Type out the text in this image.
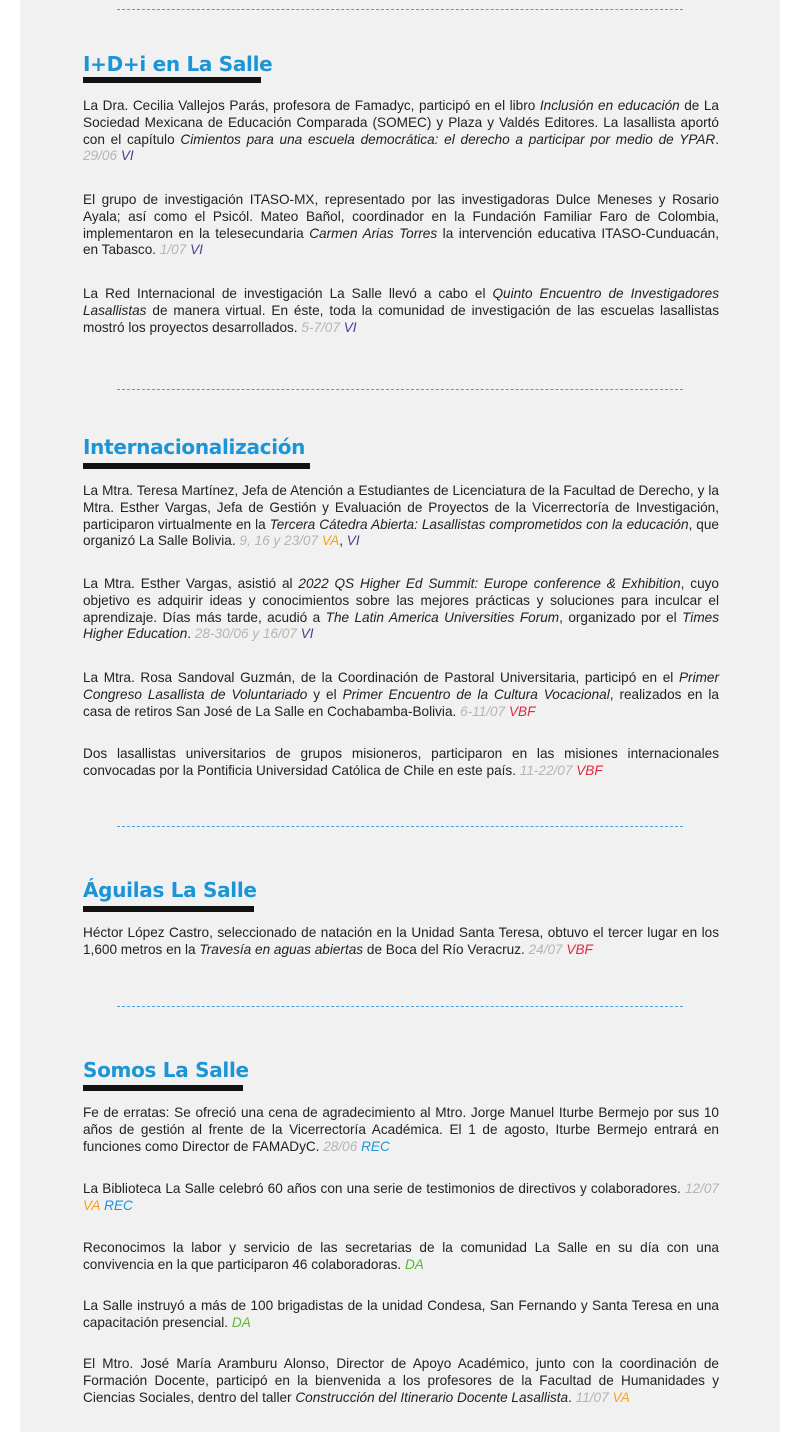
I+D+i en La Salle

La Dra. Cecilia Vallejos Parás, profesora de Famadyc, participó en el libro Inclusión en educación de La Sociedad Mexicana de Educación Comparada (SOMEC) y Plaza y Valdés Editores. La lasallista aportó con el capítulo Cimientos para una escuela democrática: el derecho a participar por medio de YPAR. 29/06 VI

El grupo de investigación ITASO-MX, representado por las investigadoras Dulce Meneses y Rosario Ayala; así como el Psicól. Mateo Bañol, coordinador en la Fundación Familiar Faro de Colombia, implementaron en la telesecundaria Carmen Arias Torres la intervención educativa ITASO-Cunduacán, en Tabasco. 1/07 VI

La Red Internacional de investigación La Salle llevó a cabo el Quinto Encuentro de Investigadores Lasallistas de manera virtual. En éste, toda la comunidad de investigación de las escuelas lasallistas mostró los proyectos desarrollados. 5-7/07 VI

Internacionalización

La Mtra. Teresa Martínez, Jefa de Atención a Estudiantes de Licenciatura de la Facultad de Derecho, y la Mtra. Esther Vargas, Jefa de Gestión y Evaluación de Proyectos de la Vicerrectoría de Investigación, participaron virtualmente en la Tercera Cátedra Abierta: Lasallistas comprometidos con la educación, que organizó La Salle Bolivia. 9, 16 y 23/07 VA, VI

La Mtra. Esther Vargas, asistió al 2022 QS Higher Ed Summit: Europe conference & Exhibition, cuyo objetivo es adquirir ideas y conocimientos sobre las mejores prácticas y soluciones para inculcar el aprendizaje. Días más tarde, acudió a The Latin America Universities Forum, organizado por el Times Higher Education. 28-30/06 y 16/07 VI

La Mtra. Rosa Sandoval Guzmán, de la Coordinación de Pastoral Universitaria, participó en el Primer Congreso Lasallista de Voluntariado y el Primer Encuentro de la Cultura Vocacional, realizados en la casa de retiros San José de La Salle en Cochabamba-Bolivia. 6-11/07 VBF

Dos lasallistas universitarios de grupos misioneros, participaron en las misiones internacionales convocadas por la Pontificia Universidad Católica de Chile en este país. 11-22/07 VBF

Águilas La Salle

Héctor López Castro, seleccionado de natación en la Unidad Santa Teresa, obtuvo el tercer lugar en los 1,600 metros en la Travesía en aguas abiertas de Boca del Río Veracruz. 24/07 VBF

Somos La Salle

Fe de erratas: Se ofreció una cena de agradecimiento al Mtro. Jorge Manuel Iturbe Bermejo por sus 10 años de gestión al frente de la Vicerrectoría Académica. El 1 de agosto, Iturbe Bermejo entrará en funciones como Director de FAMADyC. 28/06 REC

La Biblioteca La Salle celebró 60 años con una serie de testimonios de directivos y colaboradores. 12/07 VA REC

Reconocimos la labor y servicio de las secretarias de la comunidad La Salle en su día con una convivencia en la que participaron 46 colaboradoras. DA

La Salle instruyó a más de 100 brigadistas de la unidad Condesa, San Fernando y Santa Teresa en una capacitación presencial. DA

El Mtro. José María Aramburu Alonso, Director de Apoyo Académico, junto con la coordinación de Formación Docente, participó en la bienvenida a los profesores de la Facultad de Humanidades y Ciencias Sociales, dentro del taller Construcción del Itinerario Docente Lasallista. 11/07 VA
